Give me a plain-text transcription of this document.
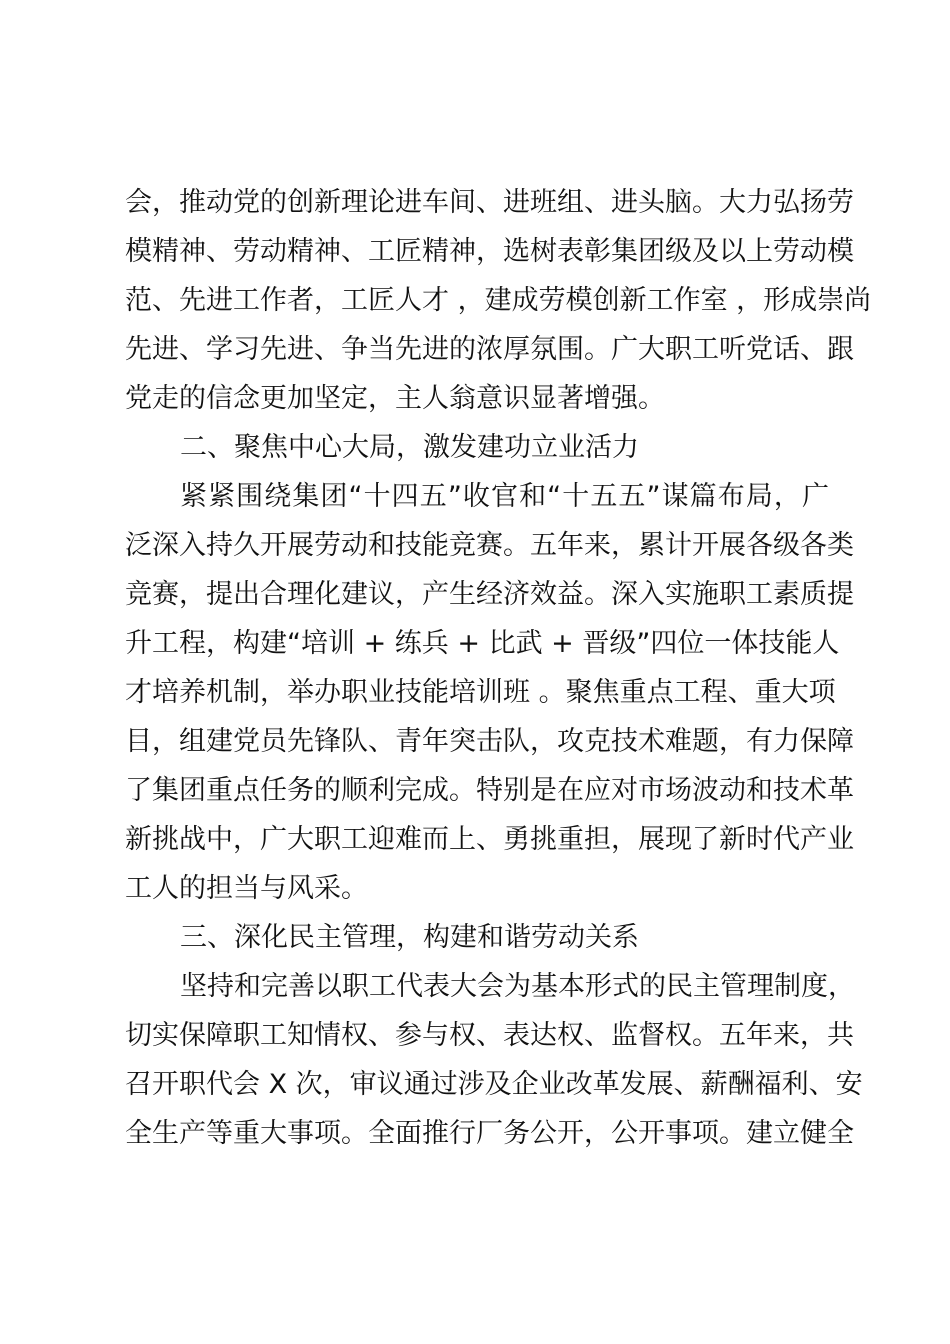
会，推动党的创新理论进车间、进班组、进头脑。大力弘扬劳
模精神、劳动精神、工匠精神，选树表彰集团级及以上劳动模
范、先进工作者，工匠人才 ，建成劳模创新工作室 ，形成崇尚
先进、学习先进、争当先进的浓厚氛围。广大职工听党话、跟
党走的信念更加坚定，主人翁意识显著增强。
二、聚焦中心大局，激发建功立业活力
紧紧围绕集团“十四五”收官和“十五五”谋篇布局，广
泛深入持久开展劳动和技能竞赛。五年来，累计开展各级各类
竞赛，提出合理化建议，产生经济效益。深入实施职工素质提
升工程，构建“培训 + 练兵 + 比武 + 晋级”四位一体技能人
才培养机制，举办职业技能培训班 。聚焦重点工程、重大项
目，组建党员先锋队、青年突击队，攻克技术难题，有力保障
了集团重点任务的顺利完成。特别是在应对市场波动和技术革
新挑战中，广大职工迎难而上、勇挑重担，展现了新时代产业
工人的担当与风采。
三、深化民主管理，构建和谐劳动关系
坚持和完善以职工代表大会为基本形式的民主管理制度，
切实保障职工知情权、参与权、表达权、监督权。五年来，共
召开职代会 X 次，审议通过涉及企业改革发展、薪酬福利、安
全生产等重大事项。全面推行厂务公开，公开事项。建立健全
